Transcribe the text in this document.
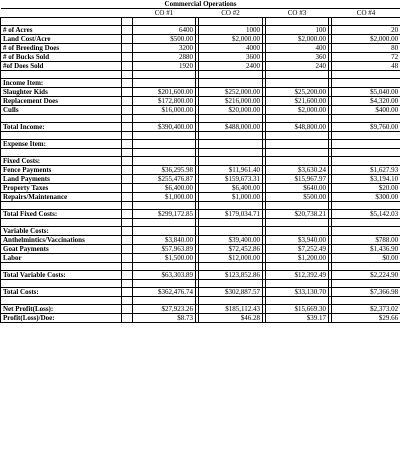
Commercial Operations								
		CO #1		CO #2		CO #3		CO #4

# of Acres		6400		1000		100		20
Land Cost/Acre		$500.00		$2,000.00		$2,000.00		$2,000.00
# of Breeding Does		3200		4000		400		80
# of Bucks Sold		2880		3600		360		72
#of Does Sold		1920		2400		240		48

Income Item:								
Slaughter Kids		$201,600.00		$252,000.00		$25,200.00		$5,040.00
Replacement Does		$172,800.00		$216,000.00		$21,600.00		$4,320.00
Culls		$16,000.00		$20,000.00		$2,000.00		$400.00

Total Income:		$390,400.00		$488,000.00		$48,800.00		$9,760.00

Expense Item:								

Fixed Costs:								
Fence Payments		$36,295.98		$11,961.40		$3,630.24		$1,627.93
Land Payments		$255,476.87		$159,673.31		$15,967.97		$3,194.10
Property Taxes		$6,400.00		$6,400.00		$640.00		$20.00
Repairs/Maintenance		$1,000.00		$1,000.00		$500.00		$300.00

Total Fixed Costs:		$299,172.85		$179,034.71		$20,738.21		$5,142.03

Variable Costs:								
Anthelmintics/Vaccinations		$3,840.00		$39,400.00		$3,940.00		$788.00
Goat Payments		$57,963.89		$72,452.86		$7,252.49		$1,436.90
Labor		$1,500.00		$12,000.00		$1,200.00		$0.00

Total Variable Costs:		$63,303.89		$123,852.86		$12,392.49		$2,224.90

Total Costs:		$362,476.74		$302,887.57		$33,130.70		$7,366.98

Net Profit(Loss):		$27,923.26		$185,112.43		$15,669.30		$2,373.02
Profit(Loss)/Doe:		$8.73		$46.28		$39.17		$29.66
